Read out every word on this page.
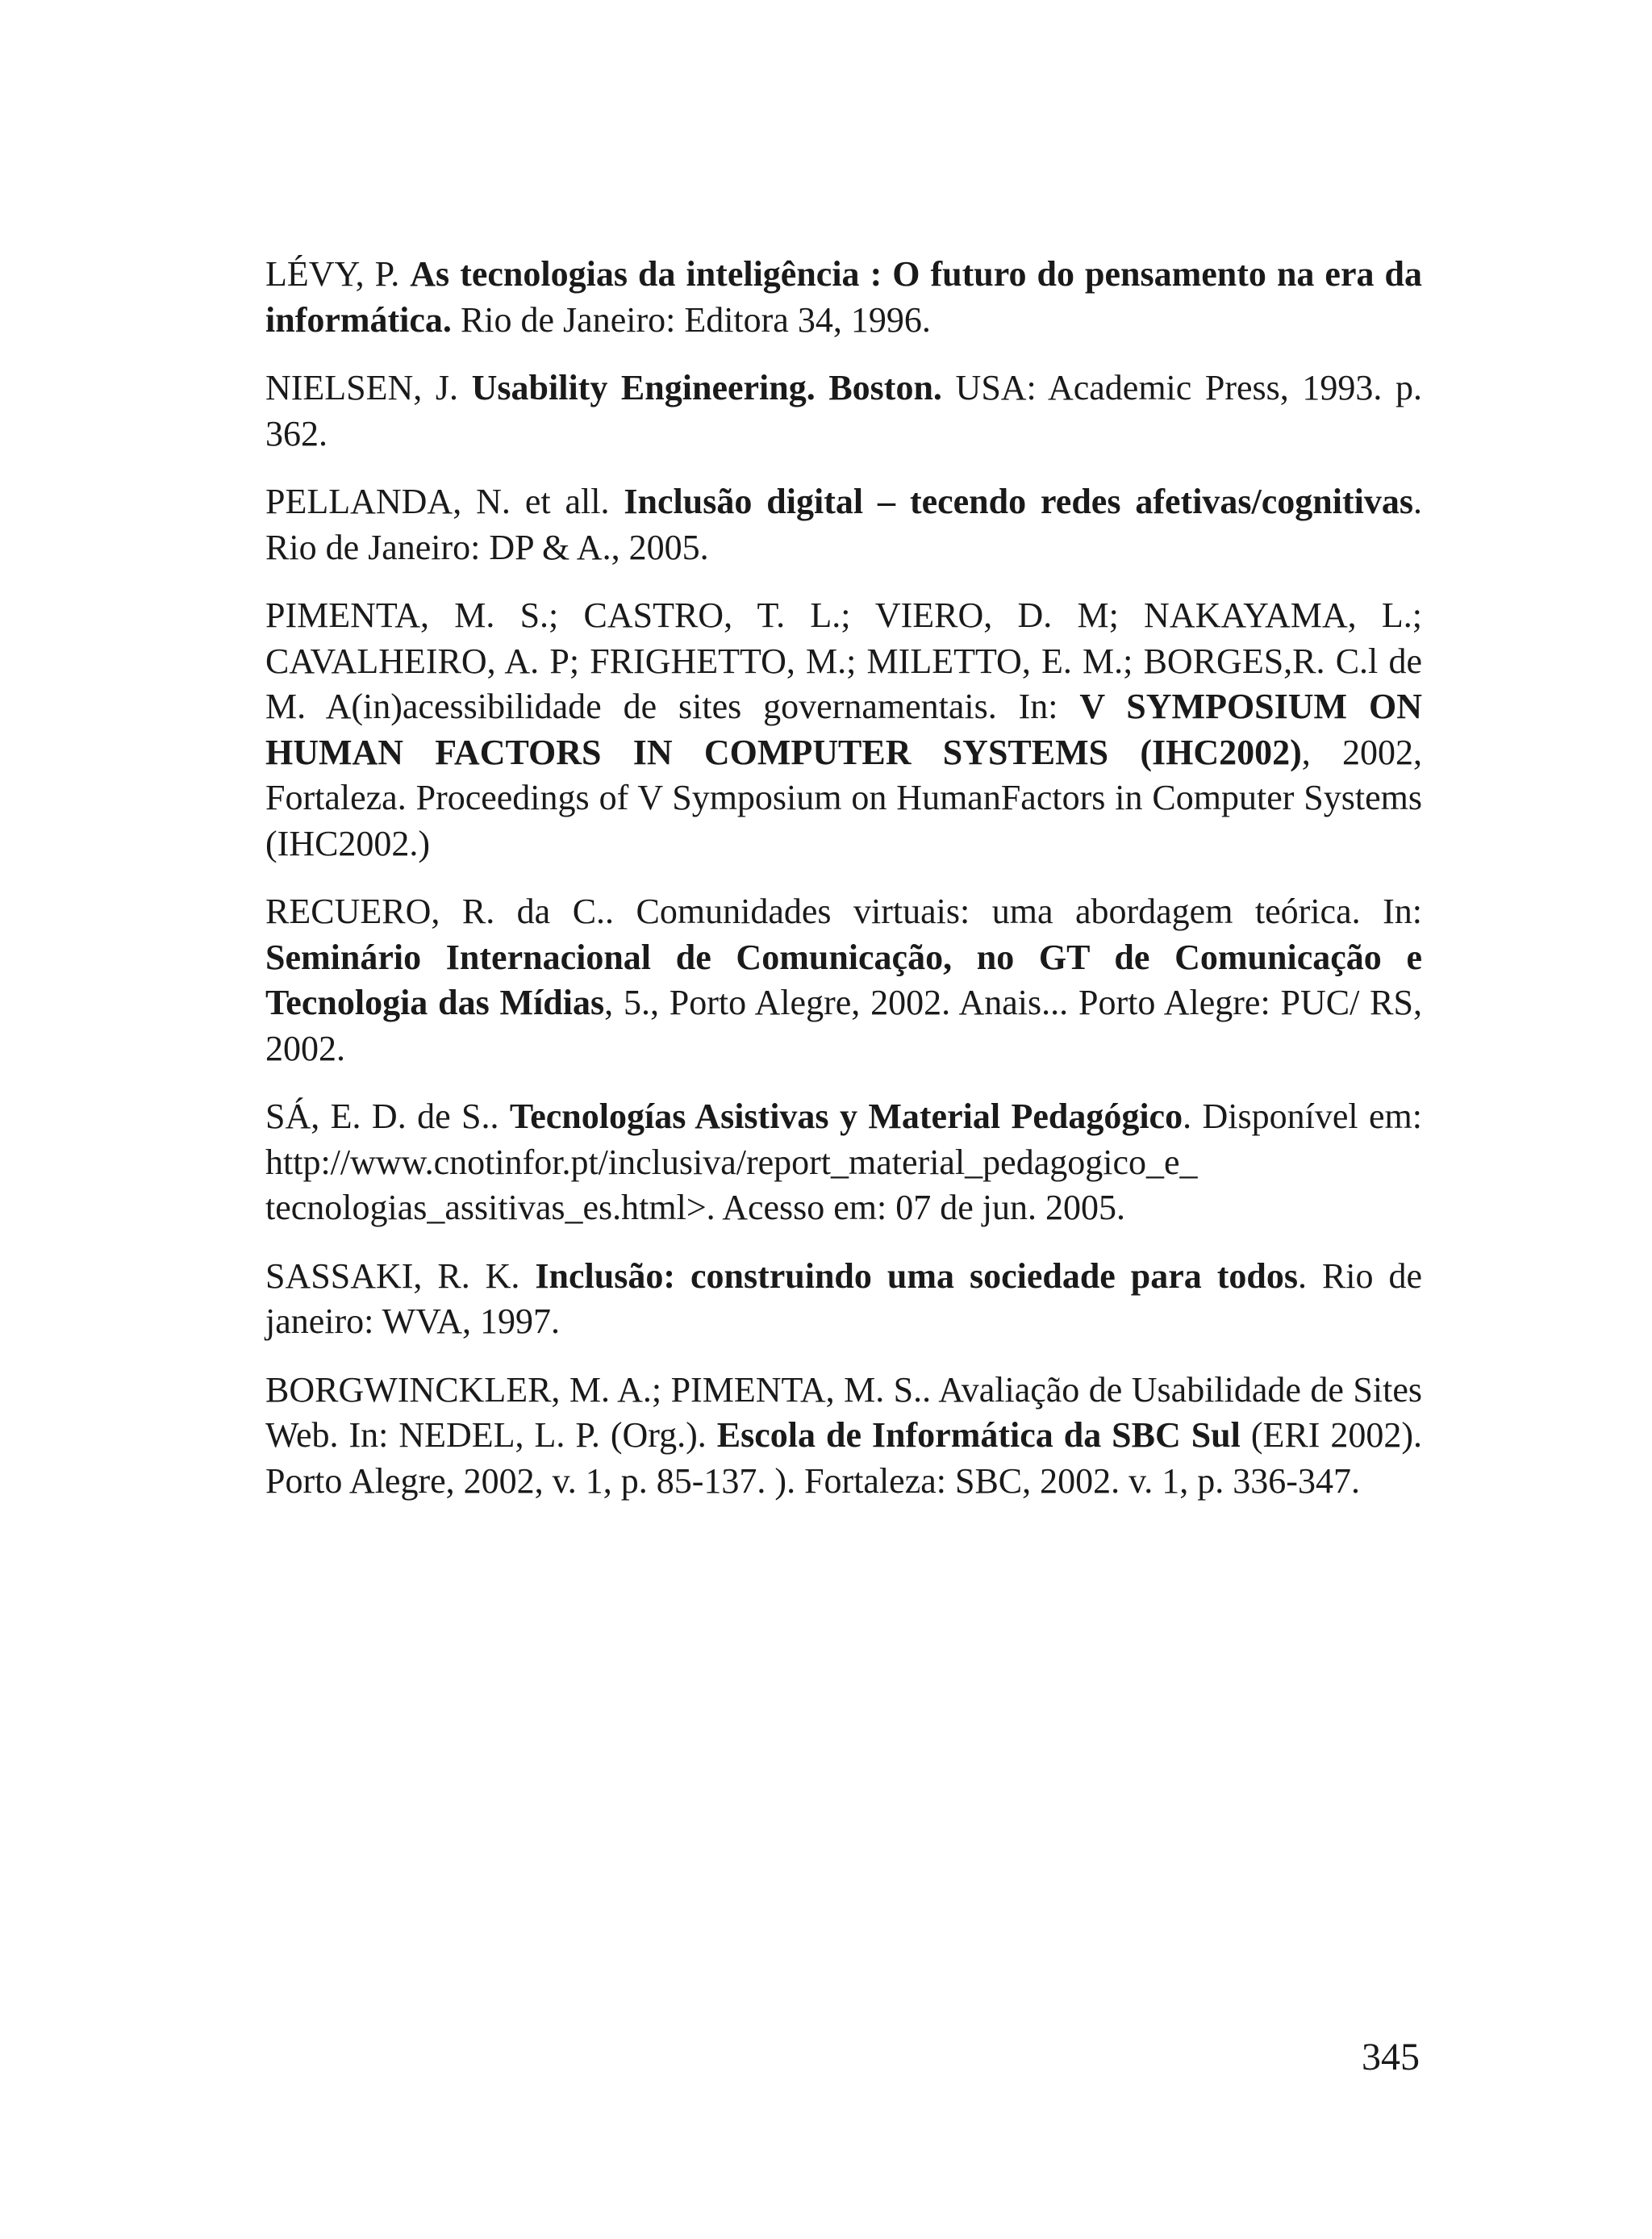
LÉVY, P. As tecnologias da inteligência : O futuro do pensamento na era da informática. Rio de Janeiro: Editora 34, 1996.

NIELSEN, J. Usability Engineering. Boston. USA: Academic Press, 1993. p. 362.

PELLANDA, N. et all. Inclusão digital – tecendo redes afetivas/cognitivas. Rio de Janeiro: DP & A., 2005.

PIMENTA, M. S.; CASTRO, T. L.; VIERO, D. M; NAKAYAMA, L.; CAVALHEIRO, A. P; FRIGHETTO, M.; MILETTO, E. M.; BORGES,R. C.l de M. A(in)acessibilidade de sites governamentais. In: V SYMPOSIUM ON HUMAN FACTORS IN COMPUTER SYSTEMS (IHC2002), 2002, Fortaleza. Proceedings of V Symposium on HumanFactors in Computer Systems (IHC2002.)

RECUERO, R. da C.. Comunidades virtuais: uma abordagem teórica. In: Seminário Internacional de Comunicação, no GT de Comunicação e Tecnologia das Mídias, 5., Porto Alegre, 2002. Anais... Porto Alegre: PUC/ RS, 2002.

SÁ, E. D. de S.. Tecnologías Asistivas y Material Pedagógico. Disponível em: http://www.cnotinfor.pt/inclusiva/report_material_pedagogico_e_ tecnologias_assitivas_es.html>. Acesso em: 07 de jun. 2005.

SASSAKI, R. K. Inclusão: construindo uma sociedade para todos. Rio de janeiro: WVA, 1997.

BORGWINCKLER, M. A.; PIMENTA, M. S.. Avaliação de Usabilidade de Sites Web. In: NEDEL, L. P. (Org.). Escola de Informática da SBC Sul (ERI 2002). Porto Alegre, 2002, v. 1, p. 85-137. ). Fortaleza: SBC, 2002. v. 1, p. 336-347.

345
